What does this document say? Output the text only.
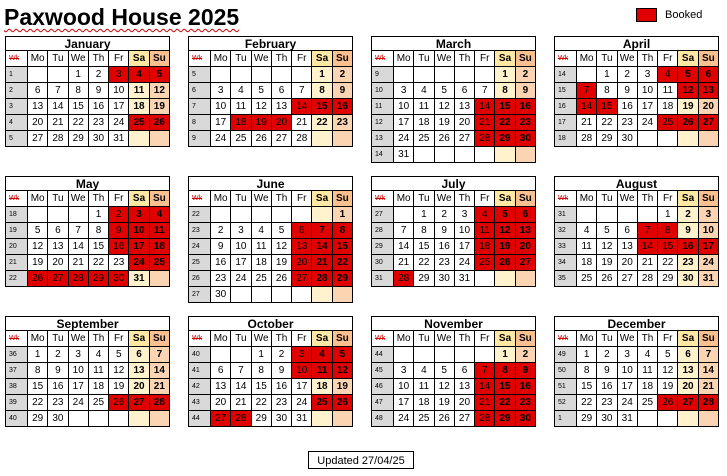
Paxwood House 2025	Booked
January
Wk	Mo	Tu	We	Th	Fr	Sa	Su
1			1	2	3	4	5
2	6	7	8	9	10	11	12
3	13	14	15	16	17	18	19
4	20	21	22	23	24	25	26
5	27	28	29	30	31		
February
Wk	Mo	Tu	We	Th	Fr	Sa	Su
5						1	2
6	3	4	5	6	7	8	9
7	10	11	12	13	14	15	16
8	17	18	19	20	21	22	23
9	24	25	26	27	28		
March
Wk	Mo	Tu	We	Th	Fr	Sa	Su
9						1	2
10	3	4	5	6	7	8	9
11	10	11	12	13	14	15	16
12	17	18	19	20	21	22	23
13	24	25	26	27	28	29	30
14	31						
April
Wk	Mo	Tu	We	Th	Fr	Sa	Su
14		1	2	3	4	5	6
15	7	8	9	10	11	12	13
16	14	15	16	17	18	19	20
17	21	22	23	24	25	26	27
18	28	29	30				
May
Wk	Mo	Tu	We	Th	Fr	Sa	Su
18				1	2	3	4
19	5	6	7	8	9	10	11
20	12	13	14	15	16	17	18
21	19	20	21	22	23	24	25
22	26	27	28	29	30	31	
June
Wk	Mo	Tu	We	Th	Fr	Sa	Su
22							1
23	2	3	4	5	6	7	8
24	9	10	11	12	13	14	15
25	16	17	18	19	20	21	22
26	23	24	25	26	27	28	29
27	30						
July
Wk	Mo	Tu	We	Th	Fr	Sa	Su
27		1	2	3	4	5	6
28	7	8	9	10	11	12	13
29	14	15	16	17	18	19	20
30	21	22	23	24	25	26	27
31	28	29	30	31			
August
Wk	Mo	Tu	We	Th	Fr	Sa	Su
31					1	2	3
32	4	5	6	7	8	9	10
33	11	12	13	14	15	16	17
34	18	19	20	21	22	23	24
35	25	26	27	28	29	30	31
September
Wk	Mo	Tu	We	Th	Fr	Sa	Su
36	1	2	3	4	5	6	7
37	8	9	10	11	12	13	14
38	15	16	17	18	19	20	21
39	22	23	24	25	26	27	28
40	29	30					
October
Wk	Mo	Tu	We	Th	Fr	Sa	Su
40			1	2	3	4	5
41	6	7	8	9	10	11	12
42	13	14	15	16	17	18	19
43	20	21	22	23	24	25	26
44	27	28	29	30	31		
November
Wk	Mo	Tu	We	Th	Fr	Sa	Su
44						1	2
45	3	4	5	6	7	8	9
46	10	11	12	13	14	15	16
47	17	18	19	20	21	22	23
48	24	25	26	27	28	29	30
December
Wk	Mo	Tu	We	Th	Fr	Sa	Su
49	1	2	3	4	5	6	7
50	8	9	10	11	12	13	14
51	15	16	17	18	19	20	21
52	22	23	24	25	26	27	28
1	29	30	31				
Updated 27/04/25
